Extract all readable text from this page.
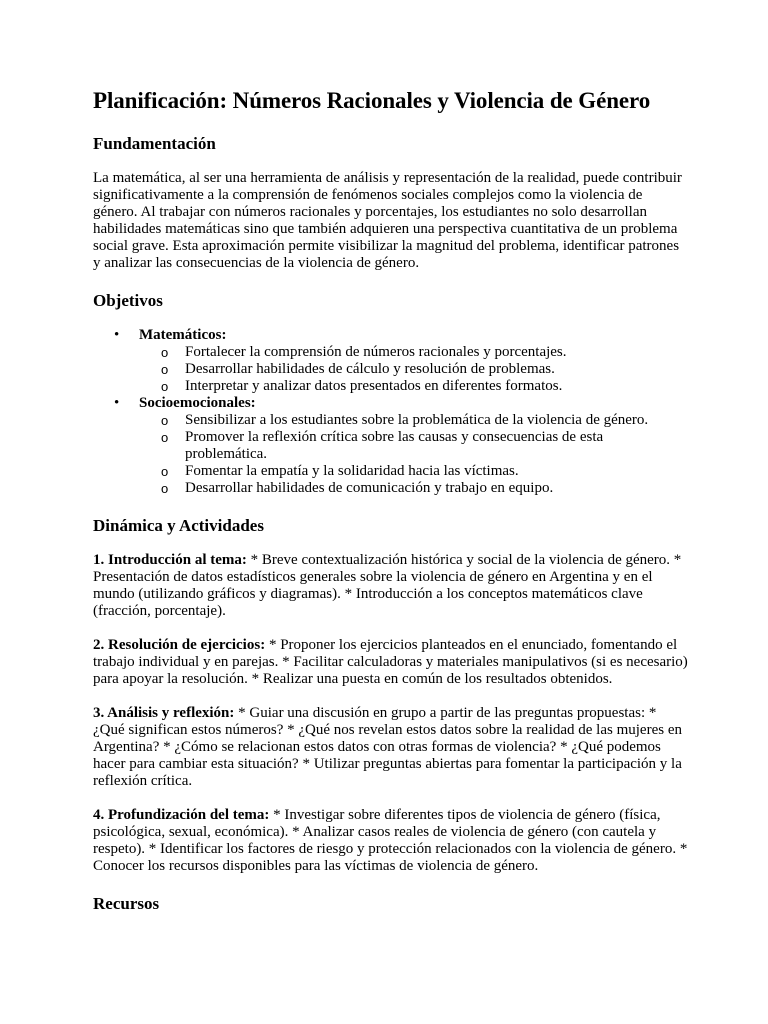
Planificación: Números Racionales y Violencia de Género
Fundamentación

La matemática, al ser una herramienta de análisis y representación de la realidad, puede contribuir significativamente a la comprensión de fenómenos sociales complejos como la violencia de género. Al trabajar con números racionales y porcentajes, los estudiantes no solo desarrollan habilidades matemáticas sino que también adquieren una perspectiva cuantitativa de un problema social grave. Esta aproximación permite visibilizar la magnitud del problema, identificar patrones y analizar las consecuencias de la violencia de género.

Objetivos
• Matemáticos:
o Fortalecer la comprensión de números racionales y porcentajes.
o Desarrollar habilidades de cálculo y resolución de problemas.
o Interpretar y analizar datos presentados en diferentes formatos.
• Socioemocionales:
o Sensibilizar a los estudiantes sobre la problemática de la violencia de género.
o Promover la reflexión crítica sobre las causas y consecuencias de esta problemática.
o Fomentar la empatía y la solidaridad hacia las víctimas.
o Desarrollar habilidades de comunicación y trabajo en equipo.
Dinámica y Actividades

1. Introducción al tema: * Breve contextualización histórica y social de la violencia de género. * Presentación de datos estadísticos generales sobre la violencia de género en Argentina y en el mundo (utilizando gráficos y diagramas). * Introducción a los conceptos matemáticos clave (fracción, porcentaje).

2. Resolución de ejercicios: * Proponer los ejercicios planteados en el enunciado, fomentando el trabajo individual y en parejas. * Facilitar calculadoras y materiales manipulativos (si es necesario) para apoyar la resolución. * Realizar una puesta en común de los resultados obtenidos.

3. Análisis y reflexión: * Guiar una discusión en grupo a partir de las preguntas propuestas: * ¿Qué significan estos números? * ¿Qué nos revelan estos datos sobre la realidad de las mujeres en Argentina? * ¿Cómo se relacionan estos datos con otras formas de violencia? * ¿Qué podemos hacer para cambiar esta situación? * Utilizar preguntas abiertas para fomentar la participación y la reflexión crítica.

4. Profundización del tema: * Investigar sobre diferentes tipos de violencia de género (física, psicológica, sexual, económica). * Analizar casos reales de violencia de género (con cautela y respeto). * Identificar los factores de riesgo y protección relacionados con la violencia de género. * Conocer los recursos disponibles para las víctimas de violencia de género.

Recursos
